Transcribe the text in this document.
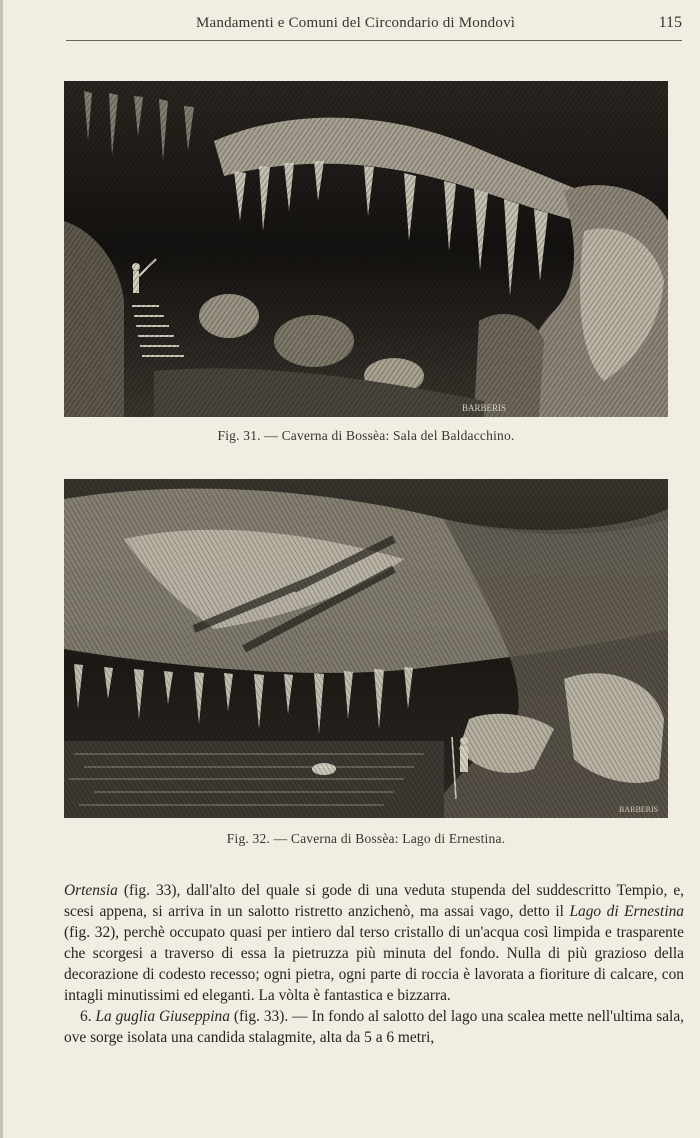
Mandamenti e Comuni del Circondario di Mondovì	115
BARBERIS
Fig. 31. — Caverna di Bossèa: Sala del Baldacchino.
BARBERIS
Fig. 32. — Caverna di Bossèa: Lago di Ernestina.

Ortensia (fig. 33), dall'alto del quale si gode di una veduta stupenda del suddescritto Tempio, e, scesi appena, si arriva in un salotto ristretto anzichenò, ma assai vago, detto il Lago di Ernestina (fig. 32), perchè occupato quasi per intiero dal terso cristallo di un'acqua così limpida e trasparente che scorgesi a traverso di essa la pietruzza più minuta del fondo. Nulla di più grazioso della decorazione di codesto recesso; ogni pietra, ogni parte di roccia è lavorata a fioriture di calcare, con intagli minutissimi ed eleganti. La vòlta è fantastica e bizzarra.

6. La guglia Giuseppina (fig. 33). — In fondo al salotto del lago una scalea mette nell'ultima sala, ove sorge isolata una candida stalagmite, alta da 5 a 6 metri,
